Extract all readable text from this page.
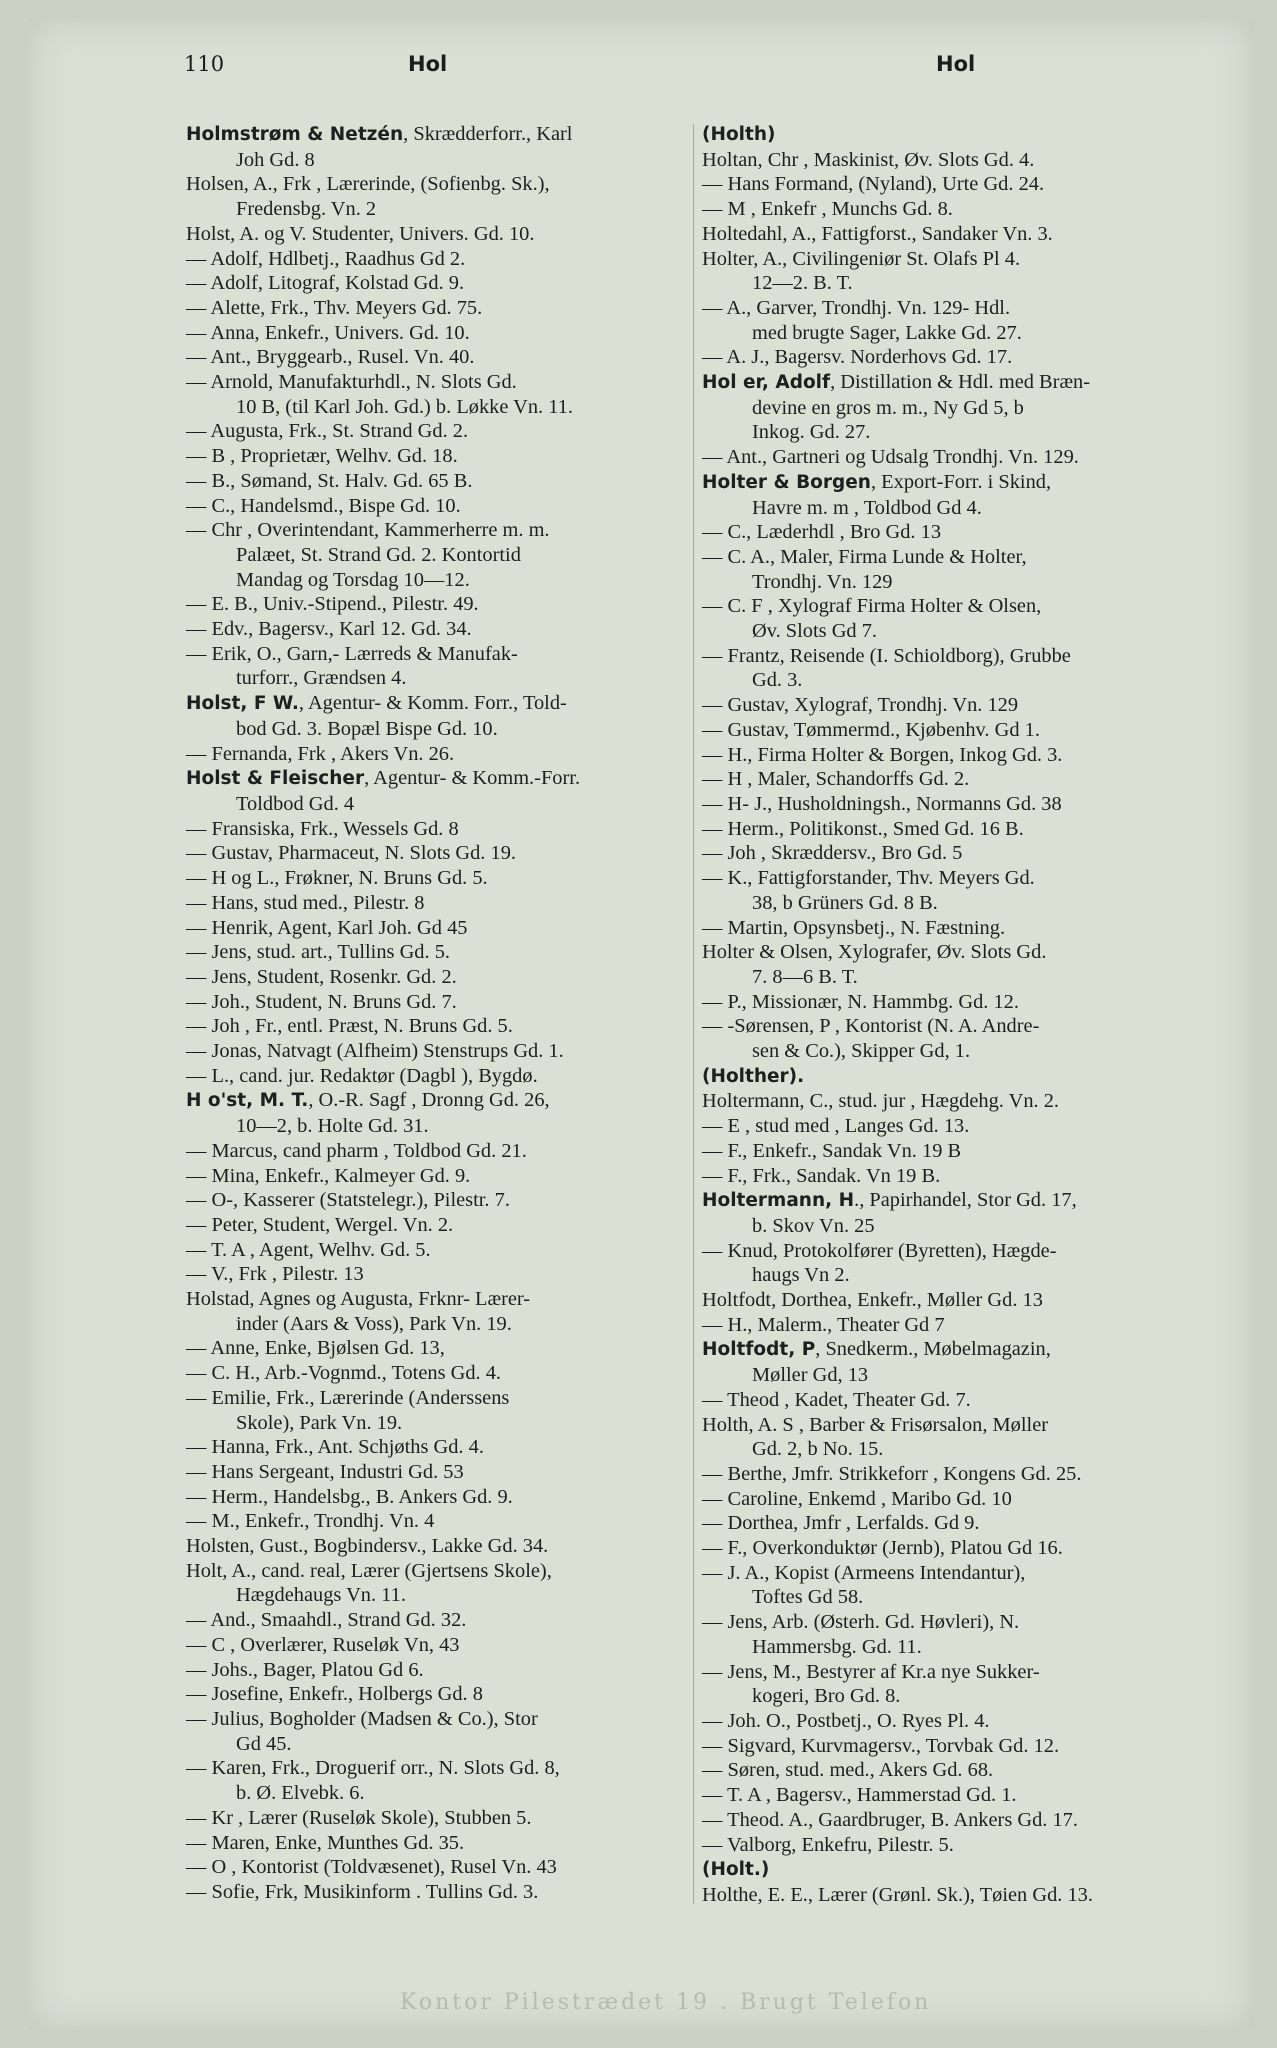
110	Hol	Hol
Holmstrøm & Netzén, Skrædderforr., Karl
Joh Gd. 8
Holsen, A., Frk , Lærerinde, (Sofienbg. Sk.),
Fredensbg. Vn. 2
Holst, A. og V. Studenter, Univers. Gd. 10.
— Adolf, Hdlbetj., Raadhus Gd 2.
— Adolf, Litograf, Kolstad Gd. 9.
— Alette, Frk., Thv. Meyers Gd. 75.
— Anna, Enkefr., Univers. Gd. 10.
— Ant., Bryggearb., Rusel. Vn. 40.
— Arnold, Manufakturhdl., N. Slots Gd.
10 B, (til Karl Joh. Gd.) b. Løkke Vn. 11.
— Augusta, Frk., St. Strand Gd. 2.
— B , Proprietær, Welhv. Gd. 18.
— B., Sømand, St. Halv. Gd. 65 B.
— C., Handelsmd., Bispe Gd. 10.
— Chr , Overintendant, Kammerherre m. m.
Palæet, St. Strand Gd. 2. Kontortid
Mandag og Torsdag 10—12.
— E. B., Univ.-Stipend., Pilestr. 49.
— Edv., Bagersv., Karl 12. Gd. 34.
— Erik, O., Garn,- Lærreds & Manufak-
turforr., Grændsen 4.
Holst, F W., Agentur- & Komm. Forr., Told-
bod Gd. 3. Bopæl Bispe Gd. 10.
— Fernanda, Frk , Akers Vn. 26.
Holst & Fleischer, Agentur- & Komm.-Forr.
Toldbod Gd. 4
— Fransiska, Frk., Wessels Gd. 8
— Gustav, Pharmaceut, N. Slots Gd. 19.
— H og L., Frøkner, N. Bruns Gd. 5.
— Hans, stud med., Pilestr. 8
— Henrik, Agent, Karl Joh. Gd 45
— Jens, stud. art., Tullins Gd. 5.
— Jens, Student, Rosenkr. Gd. 2.
— Joh., Student, N. Bruns Gd. 7.
— Joh , Fr., entl. Præst, N. Bruns Gd. 5.
— Jonas, Natvagt (Alfheim) Stenstrups Gd. 1.
— L., cand. jur. Redaktør (Dagbl ), Bygdø.
H o'st, M. T., O.-R. Sagf , Dronng Gd. 26,
10—2, b. Holte Gd. 31.
— Marcus, cand pharm , Toldbod Gd. 21.
— Mina, Enkefr., Kalmeyer Gd. 9.
— O-, Kasserer (Statstelegr.), Pilestr. 7.
— Peter, Student, Wergel. Vn. 2.
— T. A , Agent, Welhv. Gd. 5.
— V., Frk , Pilestr. 13
Holstad, Agnes og Augusta, Frknr- Lærer-
inder (Aars & Voss), Park Vn. 19.
— Anne, Enke, Bjølsen Gd. 13,
— C. H., Arb.-Vognmd., Totens Gd. 4.
— Emilie, Frk., Lærerinde (Anderssens
Skole), Park Vn. 19.
— Hanna, Frk., Ant. Schjøths Gd. 4.
— Hans Sergeant, Industri Gd. 53
— Herm., Handelsbg., B. Ankers Gd. 9.
— M., Enkefr., Trondhj. Vn. 4
Holsten, Gust., Bogbindersv., Lakke Gd. 34.
Holt, A., cand. real, Lærer (Gjertsens Skole),
Hægdehaugs Vn. 11.
— And., Smaahdl., Strand Gd. 32.
— C , Overlærer, Ruseløk Vn, 43
— Johs., Bager, Platou Gd 6.
— Josefine, Enkefr., Holbergs Gd. 8
— Julius, Bogholder (Madsen & Co.), Stor
Gd 45.
— Karen, Frk., Droguerif orr., N. Slots Gd. 8,
b. Ø. Elvebk. 6.
— Kr , Lærer (Ruseløk Skole), Stubben 5.
— Maren, Enke, Munthes Gd. 35.
— O , Kontorist (Toldvæsenet), Rusel Vn. 43
— Sofie, Frk, Musikinform . Tullins Gd. 3.
(Holth)
Holtan, Chr , Maskinist, Øv. Slots Gd. 4.
— Hans Formand, (Nyland), Urte Gd. 24.
— M , Enkefr , Munchs Gd. 8.
Holtedahl, A., Fattigforst., Sandaker Vn. 3.
Holter, A., Civilingeniør St. Olafs Pl 4.
12—2. B. T.
— A., Garver, Trondhj. Vn. 129- Hdl.
med brugte Sager, Lakke Gd. 27.
— A. J., Bagersv. Norderhovs Gd. 17.
Hol er, Adolf, Distillation & Hdl. med Bræn-
devine en gros m. m., Ny Gd 5, b
Inkog. Gd. 27.
— Ant., Gartneri og Udsalg Trondhj. Vn. 129.
Holter & Borgen, Export-Forr. i Skind,
Havre m. m , Toldbod Gd 4.
— C., Læderhdl , Bro Gd. 13
— C. A., Maler, Firma Lunde & Holter,
Trondhj. Vn. 129
— C. F , Xylograf Firma Holter & Olsen,
Øv. Slots Gd 7.
— Frantz, Reisende (I. Schioldborg), Grubbe
Gd. 3.
— Gustav, Xylograf, Trondhj. Vn. 129
— Gustav, Tømmermd., Kjøbenhv. Gd 1.
— H., Firma Holter & Borgen, Inkog Gd. 3.
— H , Maler, Schandorffs Gd. 2.
— H- J., Husholdningsh., Normanns Gd. 38
— Herm., Politikonst., Smed Gd. 16 B.
— Joh , Skræddersv., Bro Gd. 5
— K., Fattigforstander, Thv. Meyers Gd.
38, b Grüners Gd. 8 B.
— Martin, Opsynsbetj., N. Fæstning.
Holter & Olsen, Xylografer, Øv. Slots Gd.
7. 8—6 B. T.
— P., Missionær, N. Hammbg. Gd. 12.
— -Sørensen, P , Kontorist (N. A. Andre-
sen & Co.), Skipper Gd, 1.
(Holther).
Holtermann, C., stud. jur , Hægdehg. Vn. 2.
— E , stud med , Langes Gd. 13.
— F., Enkefr., Sandak Vn. 19 B
— F., Frk., Sandak. Vn 19 B.
Holtermann, H., Papirhandel, Stor Gd. 17,
b. Skov Vn. 25
— Knud, Protokolfører (Byretten), Hægde-
haugs Vn 2.
Holtfodt, Dorthea, Enkefr., Møller Gd. 13
— H., Malerm., Theater Gd 7
Holtfodt, P, Snedkerm., Møbelmagazin,
Møller Gd, 13
— Theod , Kadet, Theater Gd. 7.
Holth, A. S , Barber & Frisørsalon, Møller
Gd. 2, b No. 15.
— Berthe, Jmfr. Strikkeforr , Kongens Gd. 25.
— Caroline, Enkemd , Maribo Gd. 10
— Dorthea, Jmfr , Lerfalds. Gd 9.
— F., Overkonduktør (Jernb), Platou Gd 16.
— J. A., Kopist (Armeens Intendantur),
Toftes Gd 58.
— Jens, Arb. (Østerh. Gd. Høvleri), N.
Hammersbg. Gd. 11.
— Jens, M., Bestyrer af Kr.a nye Sukker-
kogeri, Bro Gd. 8.
— Joh. O., Postbetj., O. Ryes Pl. 4.
— Sigvard, Kurvmagersv., Torvbak Gd. 12.
— Søren, stud. med., Akers Gd. 68.
— T. A , Bagersv., Hammerstad Gd. 1.
— Theod. A., Gaardbruger, B. Ankers Gd. 17.
— Valborg, Enkefru, Pilestr. 5.
(Holt.)
Holthe, E. E., Lærer (Grønl. Sk.), Tøien Gd. 13.
Kontor Pilestrædet 19 . Brugt Telefon
